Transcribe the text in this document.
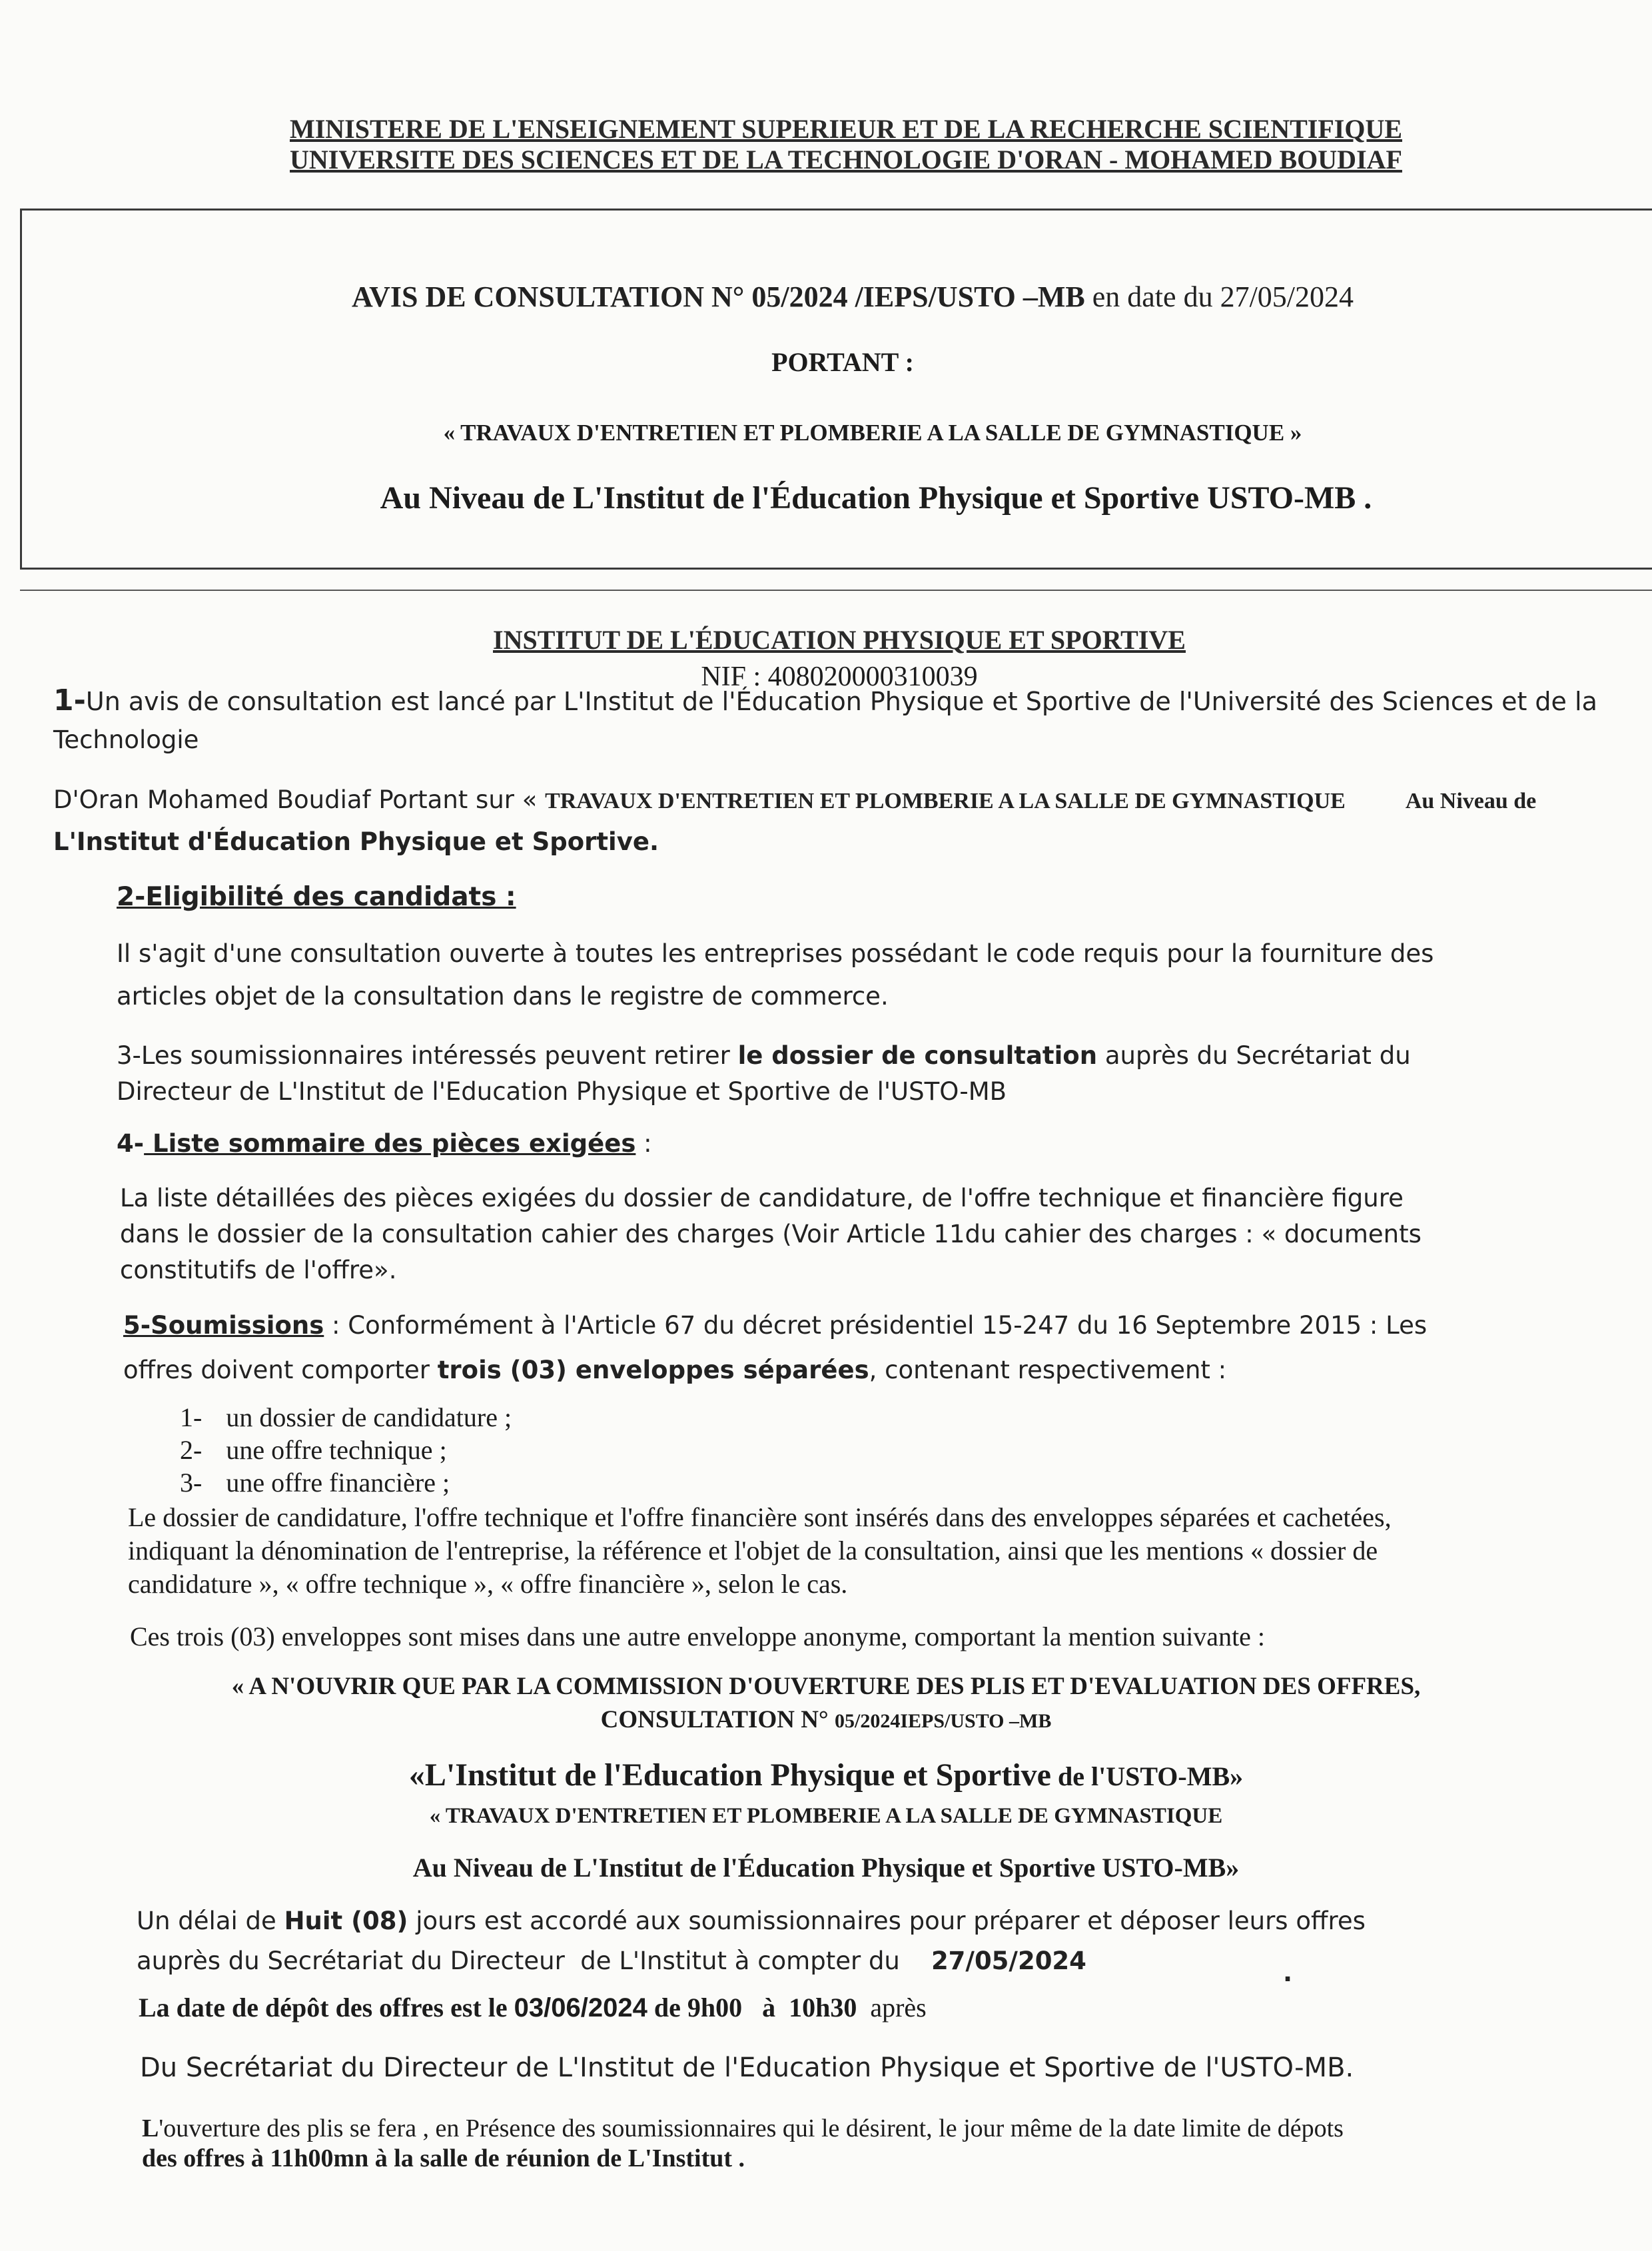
MINISTERE DE L'ENSEIGNEMENT SUPERIEUR ET DE LA RECHERCHE SCIENTIFIQUE
UNIVERSITE DES SCIENCES ET DE LA TECHNOLOGIE D'ORAN - MOHAMED BOUDIAF
AVIS DE CONSULTATION N° 05/2024 /IEPS/USTO –MB en date du 27/05/2024
PORTANT :
« TRAVAUX D'ENTRETIEN ET PLOMBERIE A LA SALLE DE GYMNASTIQUE »
Au Niveau de L'Institut de l'Éducation Physique et Sportive USTO-MB .
INSTITUT DE L'ÉDUCATION PHYSIQUE ET SPORTIVE
NIF : 408020000310039
1-Un avis de consultation est lancé par L'Institut de l'Éducation Physique et Sportive de l'Université des Sciences et de la
Technologie
D'Oran Mohamed Boudiaf Portant sur « TRAVAUX D'ENTRETIEN ET PLOMBERIE A LA SALLE DE GYMNASTIQUE	Au Niveau de
L'Institut d'Éducation Physique et Sportive.
2-Eligibilité des candidats :
Il s'agit d'une consultation ouverte à toutes les entreprises possédant le code requis pour la fourniture des
articles objet de la consultation dans le registre de commerce.
3-Les soumissionnaires intéressés peuvent retirer le dossier de consultation auprès du Secrétariat du
Directeur de L'Institut de l'Education Physique et Sportive de l'USTO-MB
4- Liste sommaire des pièces exigées :
La liste détaillées des pièces exigées du dossier de candidature, de l'offre technique et financière figure
dans le dossier de la consultation cahier des charges (Voir Article 11du cahier des charges : « documents
constitutifs de l'offre».
5-Soumissions : Conformément à l'Article 67 du décret présidentiel 15-247 du 16 Septembre 2015 : Les
offres doivent comporter trois (03) enveloppes séparées, contenant respectivement :
1- un dossier de candidature ;
2- une offre technique ;
3- une offre financière ;
Le dossier de candidature, l'offre technique et l'offre financière sont insérés dans des enveloppes séparées et cachetées,
indiquant la dénomination de l'entreprise, la référence et l'objet de la consultation, ainsi que les mentions « dossier de
candidature », « offre technique », « offre financière », selon le cas.
Ces trois (03) enveloppes sont mises dans une autre enveloppe anonyme, comportant la mention suivante :
« A N'OUVRIR QUE PAR LA COMMISSION D'OUVERTURE DES PLIS ET D'EVALUATION DES OFFRES,
CONSULTATION N° 05/2024IEPS/USTO –MB
«L'Institut de l'Education Physique et Sportive de l'USTO-MB»
« TRAVAUX D'ENTRETIEN ET PLOMBERIE A LA SALLE DE GYMNASTIQUE
Au Niveau de L'Institut de l'Éducation Physique et Sportive USTO-MB»
Un délai de Huit (08) jours est accordé aux soumissionnaires pour préparer et déposer leurs offres
auprès du Secrétariat du Directeur  de L'Institut à compter du    27/05/2024	.
La date de dépôt des offres est le 03/06/2024 de 9h00   à  10h30  après
Du Secrétariat du Directeur de L'Institut de l'Education Physique et Sportive de l'USTO-MB.
L'ouverture des plis se fera , en Présence des soumissionnaires qui le désirent, le jour même de la date limite de dépots
des offres à 11h00mn à la salle de réunion de L'Institut .
